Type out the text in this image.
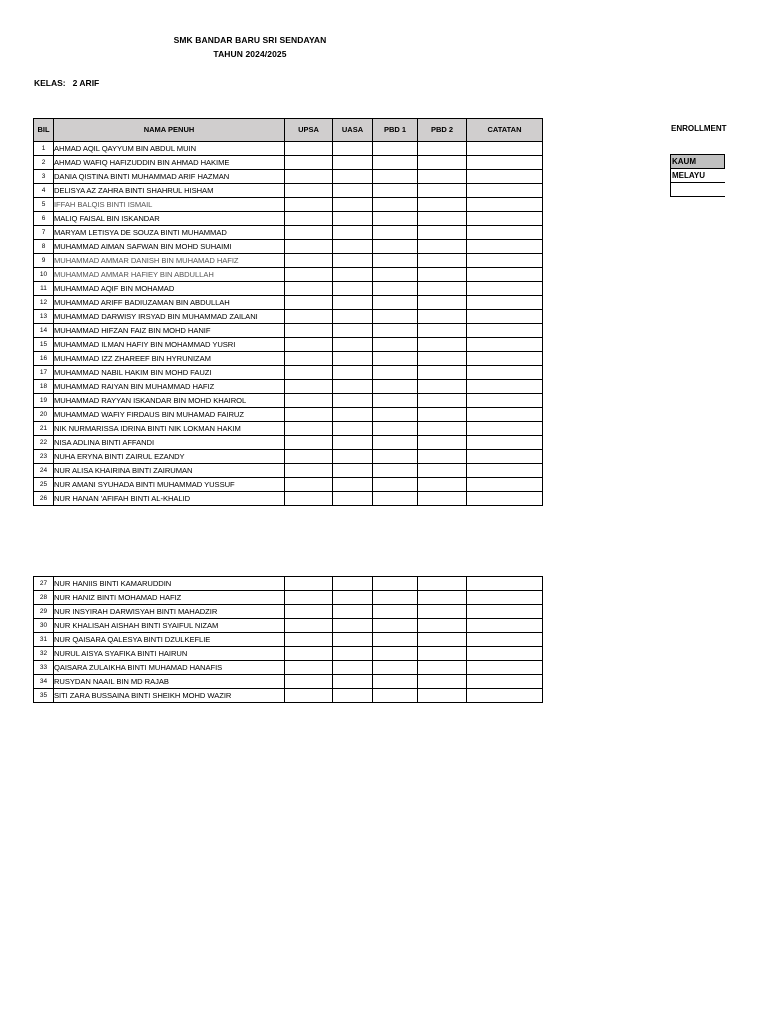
SMK BANDAR BARU SRI SENDAYAN
TAHUN 2024/2025
KELAS: 2 ARIF
BIL	NAMA PENUH	UPSA	UASA	PBD 1	PBD 2	CATATAN
1	AHMAD AQIL QAYYUM BIN ABDUL MUIN					
2	AHMAD WAFIQ HAFIZUDDIN BIN AHMAD HAKIME					
3	DANIA QISTINA BINTI MUHAMMAD ARIF HAZMAN					
4	DELISYA AZ ZAHRA BINTI SHAHRUL HISHAM					
5	IFFAH BALQIS BINTI ISMAIL					
6	MALIQ FAISAL BIN ISKANDAR					
7	MARYAM LETISYA DE SOUZA BINTI MUHAMMAD					
8	MUHAMMAD AIMAN SAFWAN BIN MOHD SUHAIMI					
9	MUHAMMAD AMMAR DANISH BIN MUHAMAD HAFIZ					
10	MUHAMMAD AMMAR HAFIEY BIN ABDULLAH					
11	MUHAMMAD AQIF BIN MOHAMAD					
12	MUHAMMAD ARIFF BADIUZAMAN BIN ABDULLAH					
13	MUHAMMAD DARWISY IRSYAD BIN MUHAMMAD ZAILANI					
14	MUHAMMAD HIFZAN FAIZ BIN MOHD HANIF					
15	MUHAMMAD ILMAN HAFIY BIN MOHAMMAD YUSRI					
16	MUHAMMAD IZZ ZHAREEF BIN HYRUNIZAM					
17	MUHAMMAD NABIL HAKIM BIN MOHD FAUZI					
18	MUHAMMAD RAIYAN BIN MUHAMMAD HAFIZ					
19	MUHAMMAD RAYYAN ISKANDAR BIN MOHD KHAIROL					
20	MUHAMMAD WAFIY FIRDAUS BIN MUHAMAD FAIRUZ					
21	NIK NURMARISSA IDRINA BINTI NIK LOKMAN HAKIM					
22	NISA ADLINA BINTI AFFANDI					
23	NUHA ERYNA BINTI ZAIRUL EZANDY					
24	NUR ALISA KHAIRINA BINTI ZAIRUMAN					
25	NUR AMANI SYUHADA BINTI MUHAMMAD YUSSUF					
26	NUR HANAN 'AFIFAH BINTI AL-KHALID					
27	NUR HANIIS BINTI KAMARUDDIN					
28	NUR HANIZ BINTI MOHAMAD HAFIZ					
29	NUR INSYIRAH DARWISYAH BINTI MAHADZIR					
30	NUR KHALISAH AISHAH BINTI SYAIFUL NIZAM					
31	NUR QAISARA QALESYA BINTI DZULKEFLIE					
32	NURUL AISYA SYAFIKA BINTI HAIRUN					
33	QAISARA ZULAIKHA BINTI MUHAMAD HANAFIS					
34	RUSYDAN NAAIL BIN MD RAJAB					
35	SITI ZARA BUSSAINA BINTI SHEIKH MOHD WAZIR					
ENROLLMENT
KAUM
MELAYU
